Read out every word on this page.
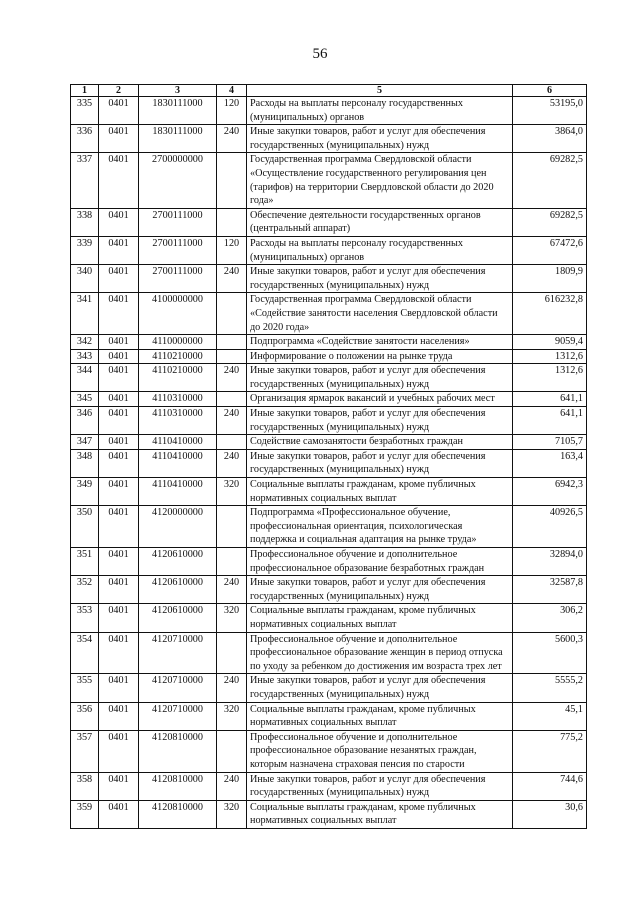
56
1	2	3	4	5	6
335	0401	1830111000	120	Расходы на выплаты персоналу государственных (муниципальных) органов	53195,0
336	0401	1830111000	240	Иные закупки товаров, работ и услуг для обеспечения государственных (муниципальных) нужд	3864,0
337	0401	2700000000		Государственная программа Свердловской области «Осуществление государственного регулирования цен (тарифов) на территории Свердловской области до 2020 года»	69282,5
338	0401	2700111000		Обеспечение деятельности государственных органов (центральный аппарат)	69282,5
339	0401	2700111000	120	Расходы на выплаты персоналу государственных (муниципальных) органов	67472,6
340	0401	2700111000	240	Иные закупки товаров, работ и услуг для обеспечения государственных (муниципальных) нужд	1809,9
341	0401	4100000000		Государственная программа Свердловской области «Содействие занятости населения Свердловской области до 2020 года»	616232,8
342	0401	4110000000		Подпрограмма «Содействие занятости населения»	9059,4
343	0401	4110210000		Информирование о положении на рынке труда	1312,6
344	0401	4110210000	240	Иные закупки товаров, работ и услуг для обеспечения государственных (муниципальных) нужд	1312,6
345	0401	4110310000		Организация ярмарок вакансий и учебных рабочих мест	641,1
346	0401	4110310000	240	Иные закупки товаров, работ и услуг для обеспечения государственных (муниципальных) нужд	641,1
347	0401	4110410000		Содействие самозанятости безработных граждан	7105,7
348	0401	4110410000	240	Иные закупки товаров, работ и услуг для обеспечения государственных (муниципальных) нужд	163,4
349	0401	4110410000	320	Социальные выплаты гражданам, кроме публичных нормативных социальных выплат	6942,3
350	0401	4120000000		Подпрограмма «Профессиональное обучение, профессиональная ориентация, психологическая поддержка и социальная адаптация на рынке труда»	40926,5
351	0401	4120610000		Профессиональное обучение и дополнительное профессиональное образование безработных граждан	32894,0
352	0401	4120610000	240	Иные закупки товаров, работ и услуг для обеспечения государственных (муниципальных) нужд	32587,8
353	0401	4120610000	320	Социальные выплаты гражданам, кроме публичных нормативных социальных выплат	306,2
354	0401	4120710000		Профессиональное обучение и дополнительное профессиональное образование женщин в период отпуска по уходу за ребенком до достижения им возраста трех лет	5600,3
355	0401	4120710000	240	Иные закупки товаров, работ и услуг для обеспечения государственных (муниципальных) нужд	5555,2
356	0401	4120710000	320	Социальные выплаты гражданам, кроме публичных нормативных социальных выплат	45,1
357	0401	4120810000		Профессиональное обучение и дополнительное профессиональное образование незанятых граждан, которым назначена страховая пенсия по старости	775,2
358	0401	4120810000	240	Иные закупки товаров, работ и услуг для обеспечения государственных (муниципальных) нужд	744,6
359	0401	4120810000	320	Социальные выплаты гражданам, кроме публичных нормативных социальных выплат	30,6
